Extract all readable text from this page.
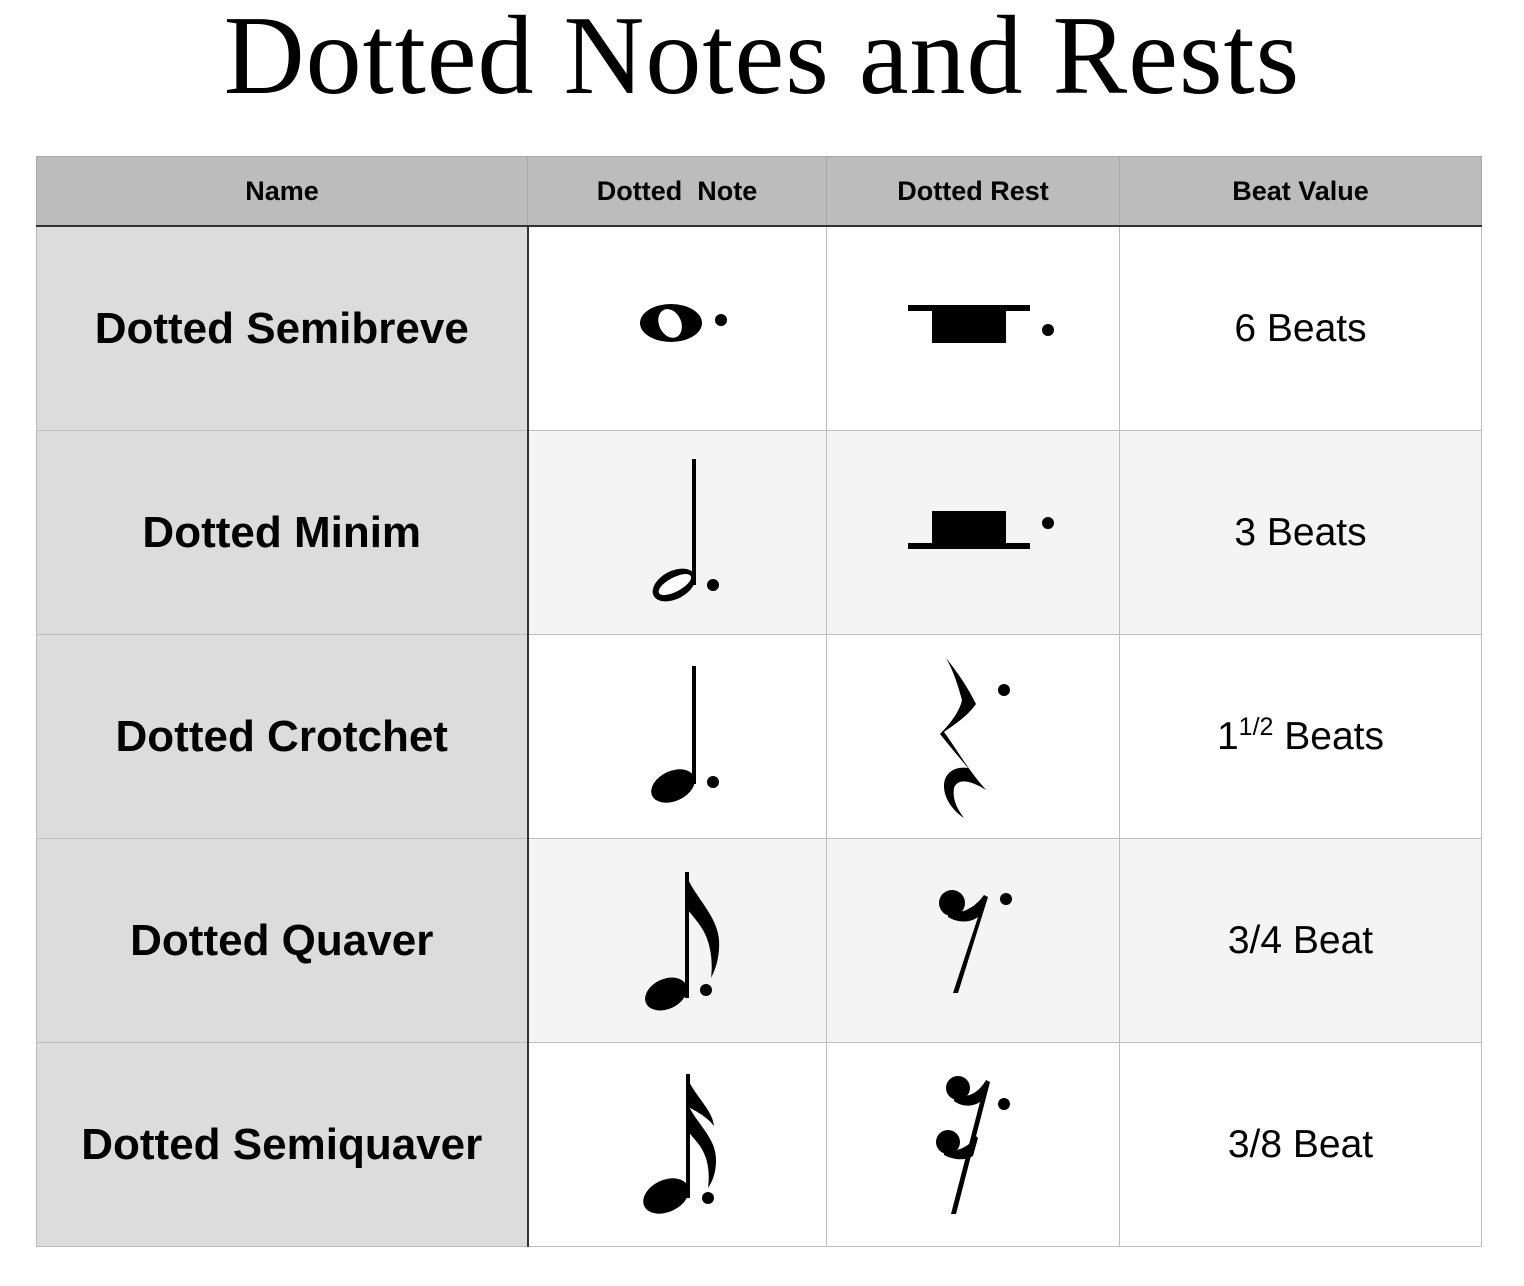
Dotted Notes and Rests
Name	Dotted  Note	Dotted Rest	Beat Value
Dotted Semibreve			6 Beats
Dotted Minim			3 Beats
Dotted Crotchet			$1^{1/2}$ Beats
Dotted Quaver			3/4 Beat
Dotted Semiquaver			3/8 Beat
